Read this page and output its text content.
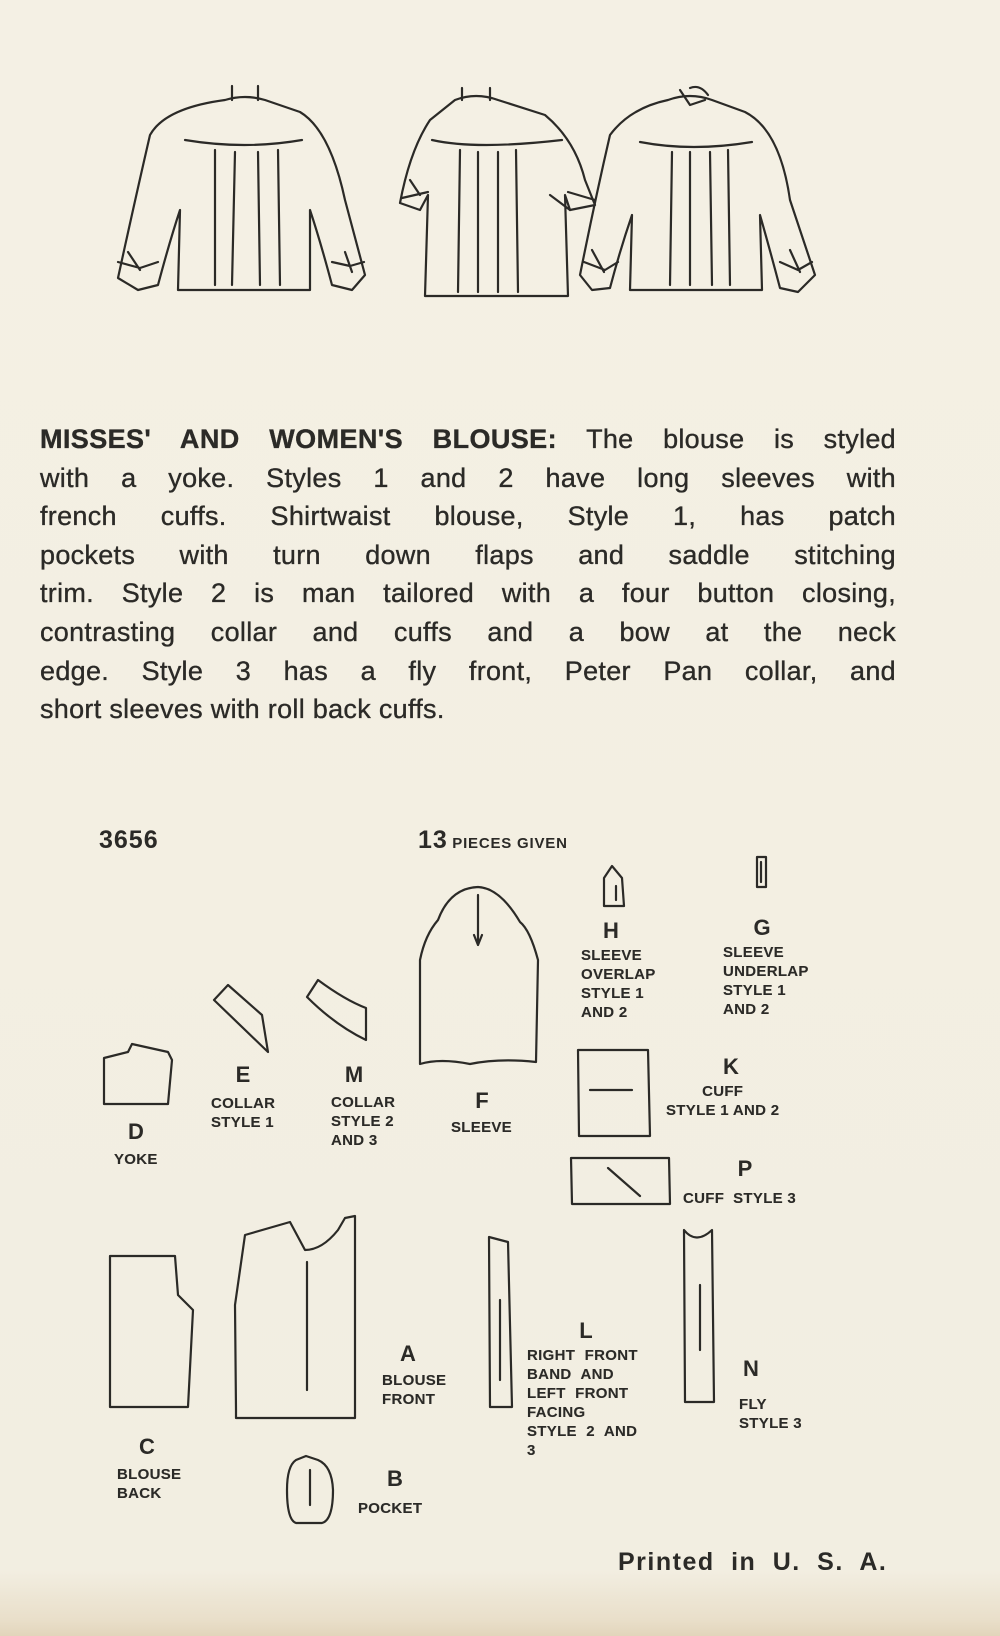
MISSES' AND WOMEN'S BLOUSE: The blouse is styled
with a yoke. Styles 1 and 2 have long sleeves with
french cuffs. Shirtwaist blouse, Style 1, has patch
pockets with turn down flaps and saddle stitching
trim. Style 2 is man tailored with a four button closing,
contrasting collar and cuffs and a bow at the neck
edge. Style 3 has a fly front, Peter Pan collar, and
short sleeves with roll back cuffs.
3656	13 PIECES GIVEN
H
SLEEVE
OVERLAP
STYLE 1
AND 2
G
SLEEVE
UNDERLAP
STYLE 1
AND 2
E
COLLAR
STYLE 1
M
COLLAR
STYLE 2
AND 3
F
SLEEVE
D
YOKE
K
CUFF
STYLE 1 AND 2
P
CUFF  STYLE 3
A
BLOUSE
FRONT
L
RIGHT FRONT
BAND AND
LEFT FRONT
FACING
STYLE 2 AND
3
N
FLY
STYLE 3
C
BLOUSE
BACK
B
POCKET
Printed in U. S. A.
